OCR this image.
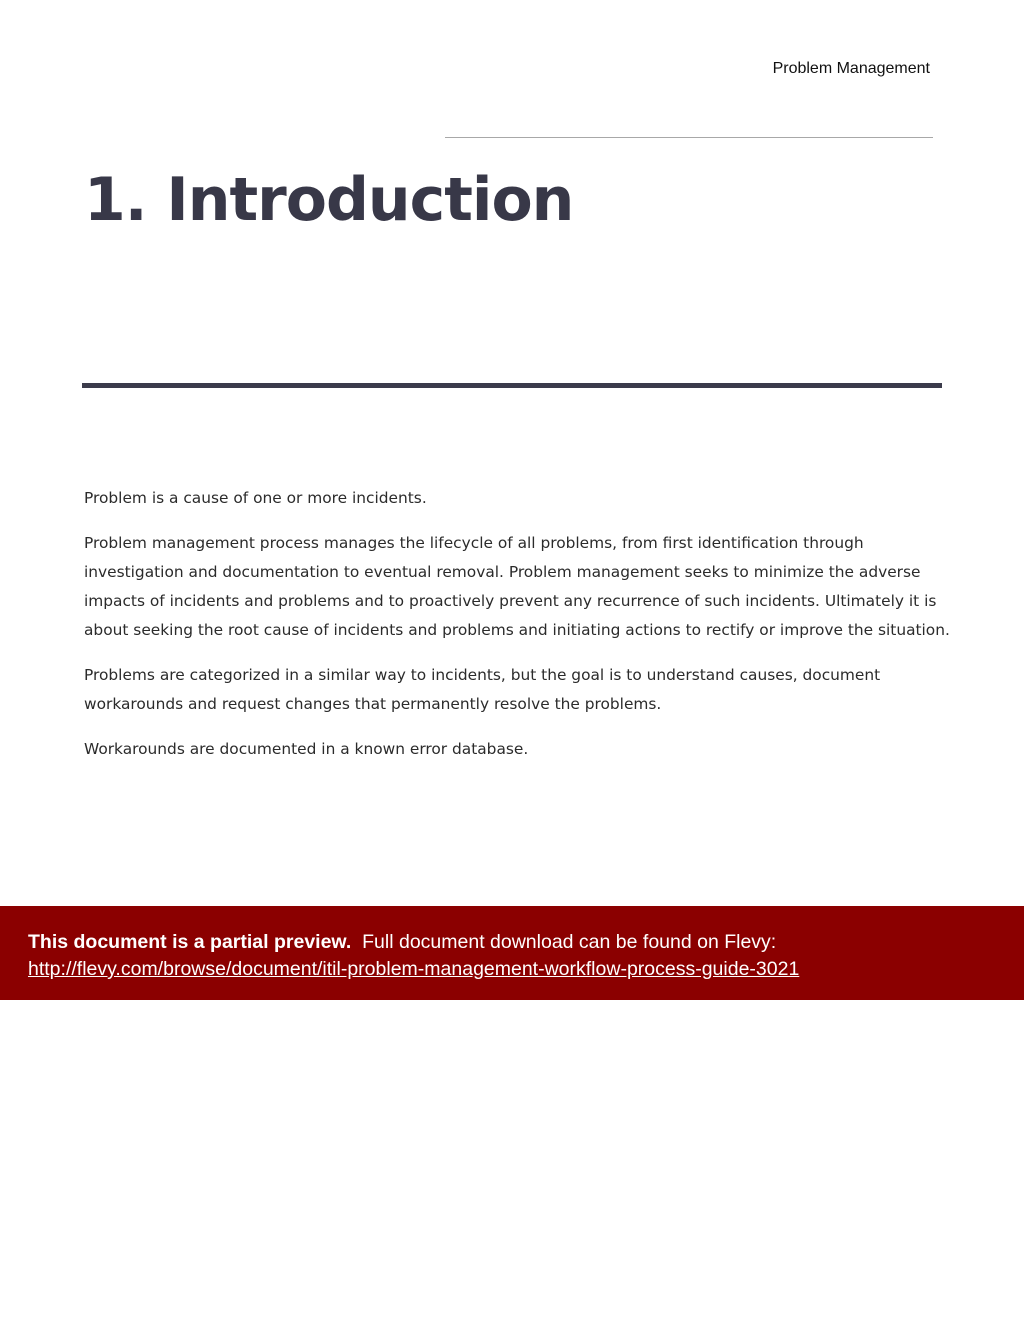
Problem Management
1. Introduction

Problem is a cause of one or more incidents.

Problem management process manages the lifecycle of all problems, from first identification through investigation and documentation to eventual removal. Problem management seeks to minimize the adverse impacts of incidents and problems and to proactively prevent any recurrence of such incidents. Ultimately it is about seeking the root cause of incidents and problems and initiating actions to rectify or improve the situation.

Problems are categorized in a similar way to incidents, but the goal is to understand causes, document workarounds and request changes that permanently resolve the problems.

Workarounds are documented in a known error database.

This document is a partial preview. Full document download can be found on Flevy:
http://flevy.com/browse/document/itil-problem-management-workflow-process-guide-3021
